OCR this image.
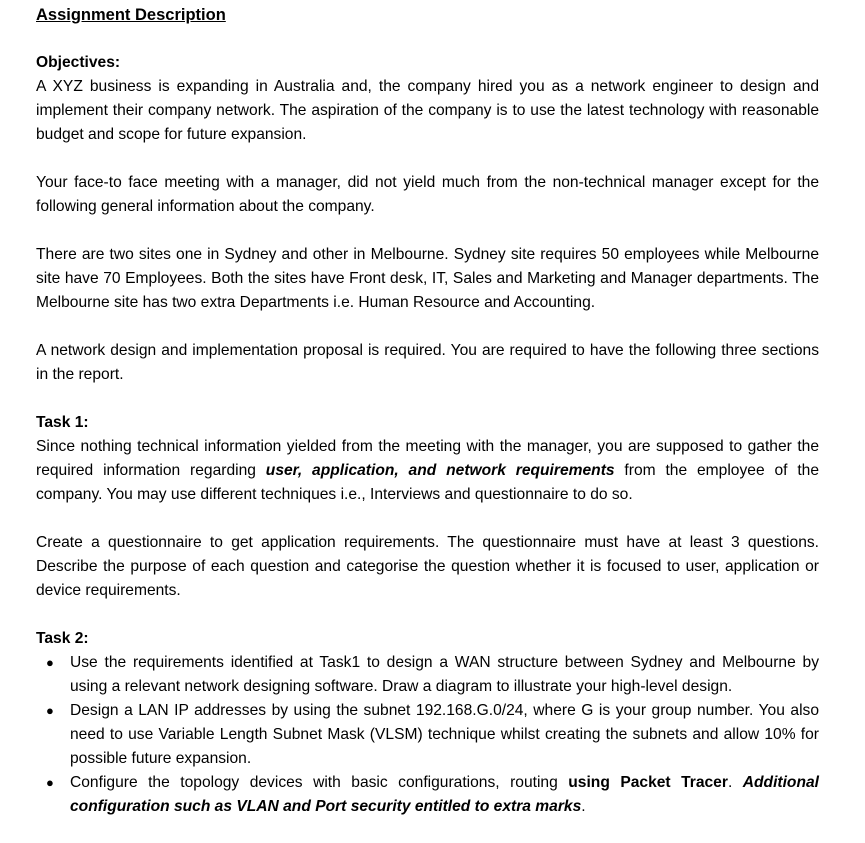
Assignment Description
Objectives:

A XYZ business is expanding in Australia and, the company hired you as a network engineer to design and implement their company network. The aspiration of the company is to use the latest technology with reasonable budget and scope for future expansion.

Your face-to face meeting with a manager, did not yield much from the non-technical manager except for the following general information about the company.

There are two sites one in Sydney and other in Melbourne. Sydney site requires 50 employees while Melbourne site have 70 Employees. Both the sites have Front desk, IT, Sales and Marketing and Manager departments. The Melbourne site has two extra Departments i.e. Human Resource and Accounting.

A network design and implementation proposal is required. You are required to have the following three sections in the report.

Task 1:

Since nothing technical information yielded from the meeting with the manager, you are supposed to gather the required information regarding user, application, and network requirements from the employee of the company. You may use different techniques i.e., Interviews and questionnaire to do so.

Create a questionnaire to get application requirements. The questionnaire must have at least 3 questions. Describe the purpose of each question and categorise the question whether it is focused to user, application or device requirements.

Task 2:
● Use the requirements identified at Task1 to design a WAN structure between Sydney and Melbourne by using a relevant network designing software. Draw a diagram to illustrate your high-level design.
● Design a LAN IP addresses by using the subnet 192.168.G.0/24, where G is your group number. You also need to use Variable Length Subnet Mask (VLSM) technique whilst creating the subnets and allow 10% for possible future expansion.
● Configure the topology devices with basic configurations, routing using Packet Tracer. Additional configuration such as VLAN and Port security entitled to extra marks.
